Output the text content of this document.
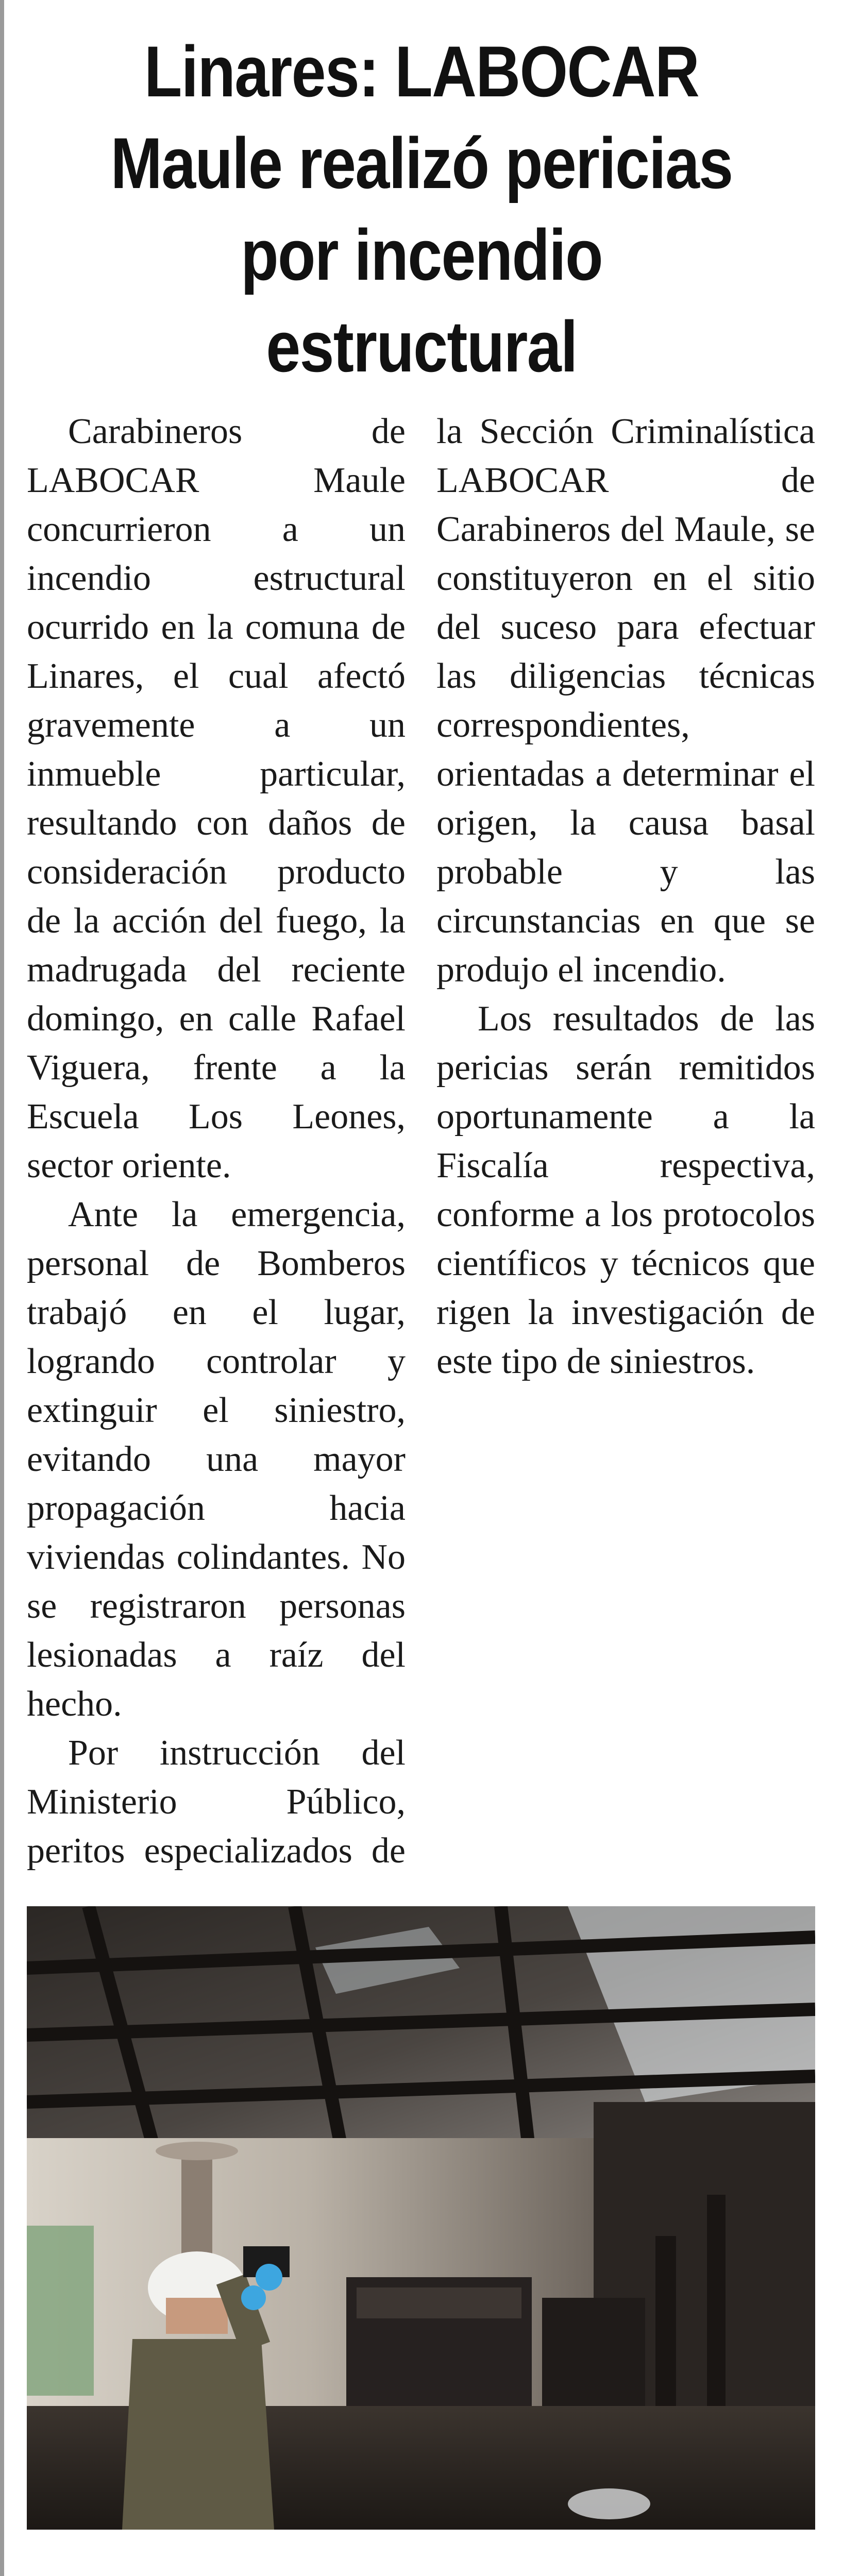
Linares: LABOCAR
Maule realizó pericias
por incendio
estructural

Carabineros de LABOCAR Maule concurrieron a un incendio estructural ocurrido en la comuna de Linares, el cual afectó gravemente a un inmueble particular, resultando con daños de consideración producto de la acción del fuego, la madrugada del reciente domingo, en calle Rafael Viguera, frente a la Escuela Los Leones, sector oriente.

Ante la emergencia, personal de Bomberos trabajó en el lugar, logrando controlar y extinguir el siniestro, evitando una mayor propagación hacia viviendas colindantes. No se registraron personas lesionadas a raíz del hecho.

Por instrucción del Ministerio Público, peritos especializados de la Sección Criminalística LABOCAR de Carabineros del Maule, se constituyeron en el sitio del suceso para efectuar las diligencias técnicas correspondientes, orientadas a determinar el origen, la causa basal probable y las circunstancias en que se produjo el incendio.

Los resultados de las pericias serán remitidos oportunamente a la Fiscalía respectiva, conforme a los protocolos científicos y técnicos que rigen la investigación de este tipo de siniestros.
